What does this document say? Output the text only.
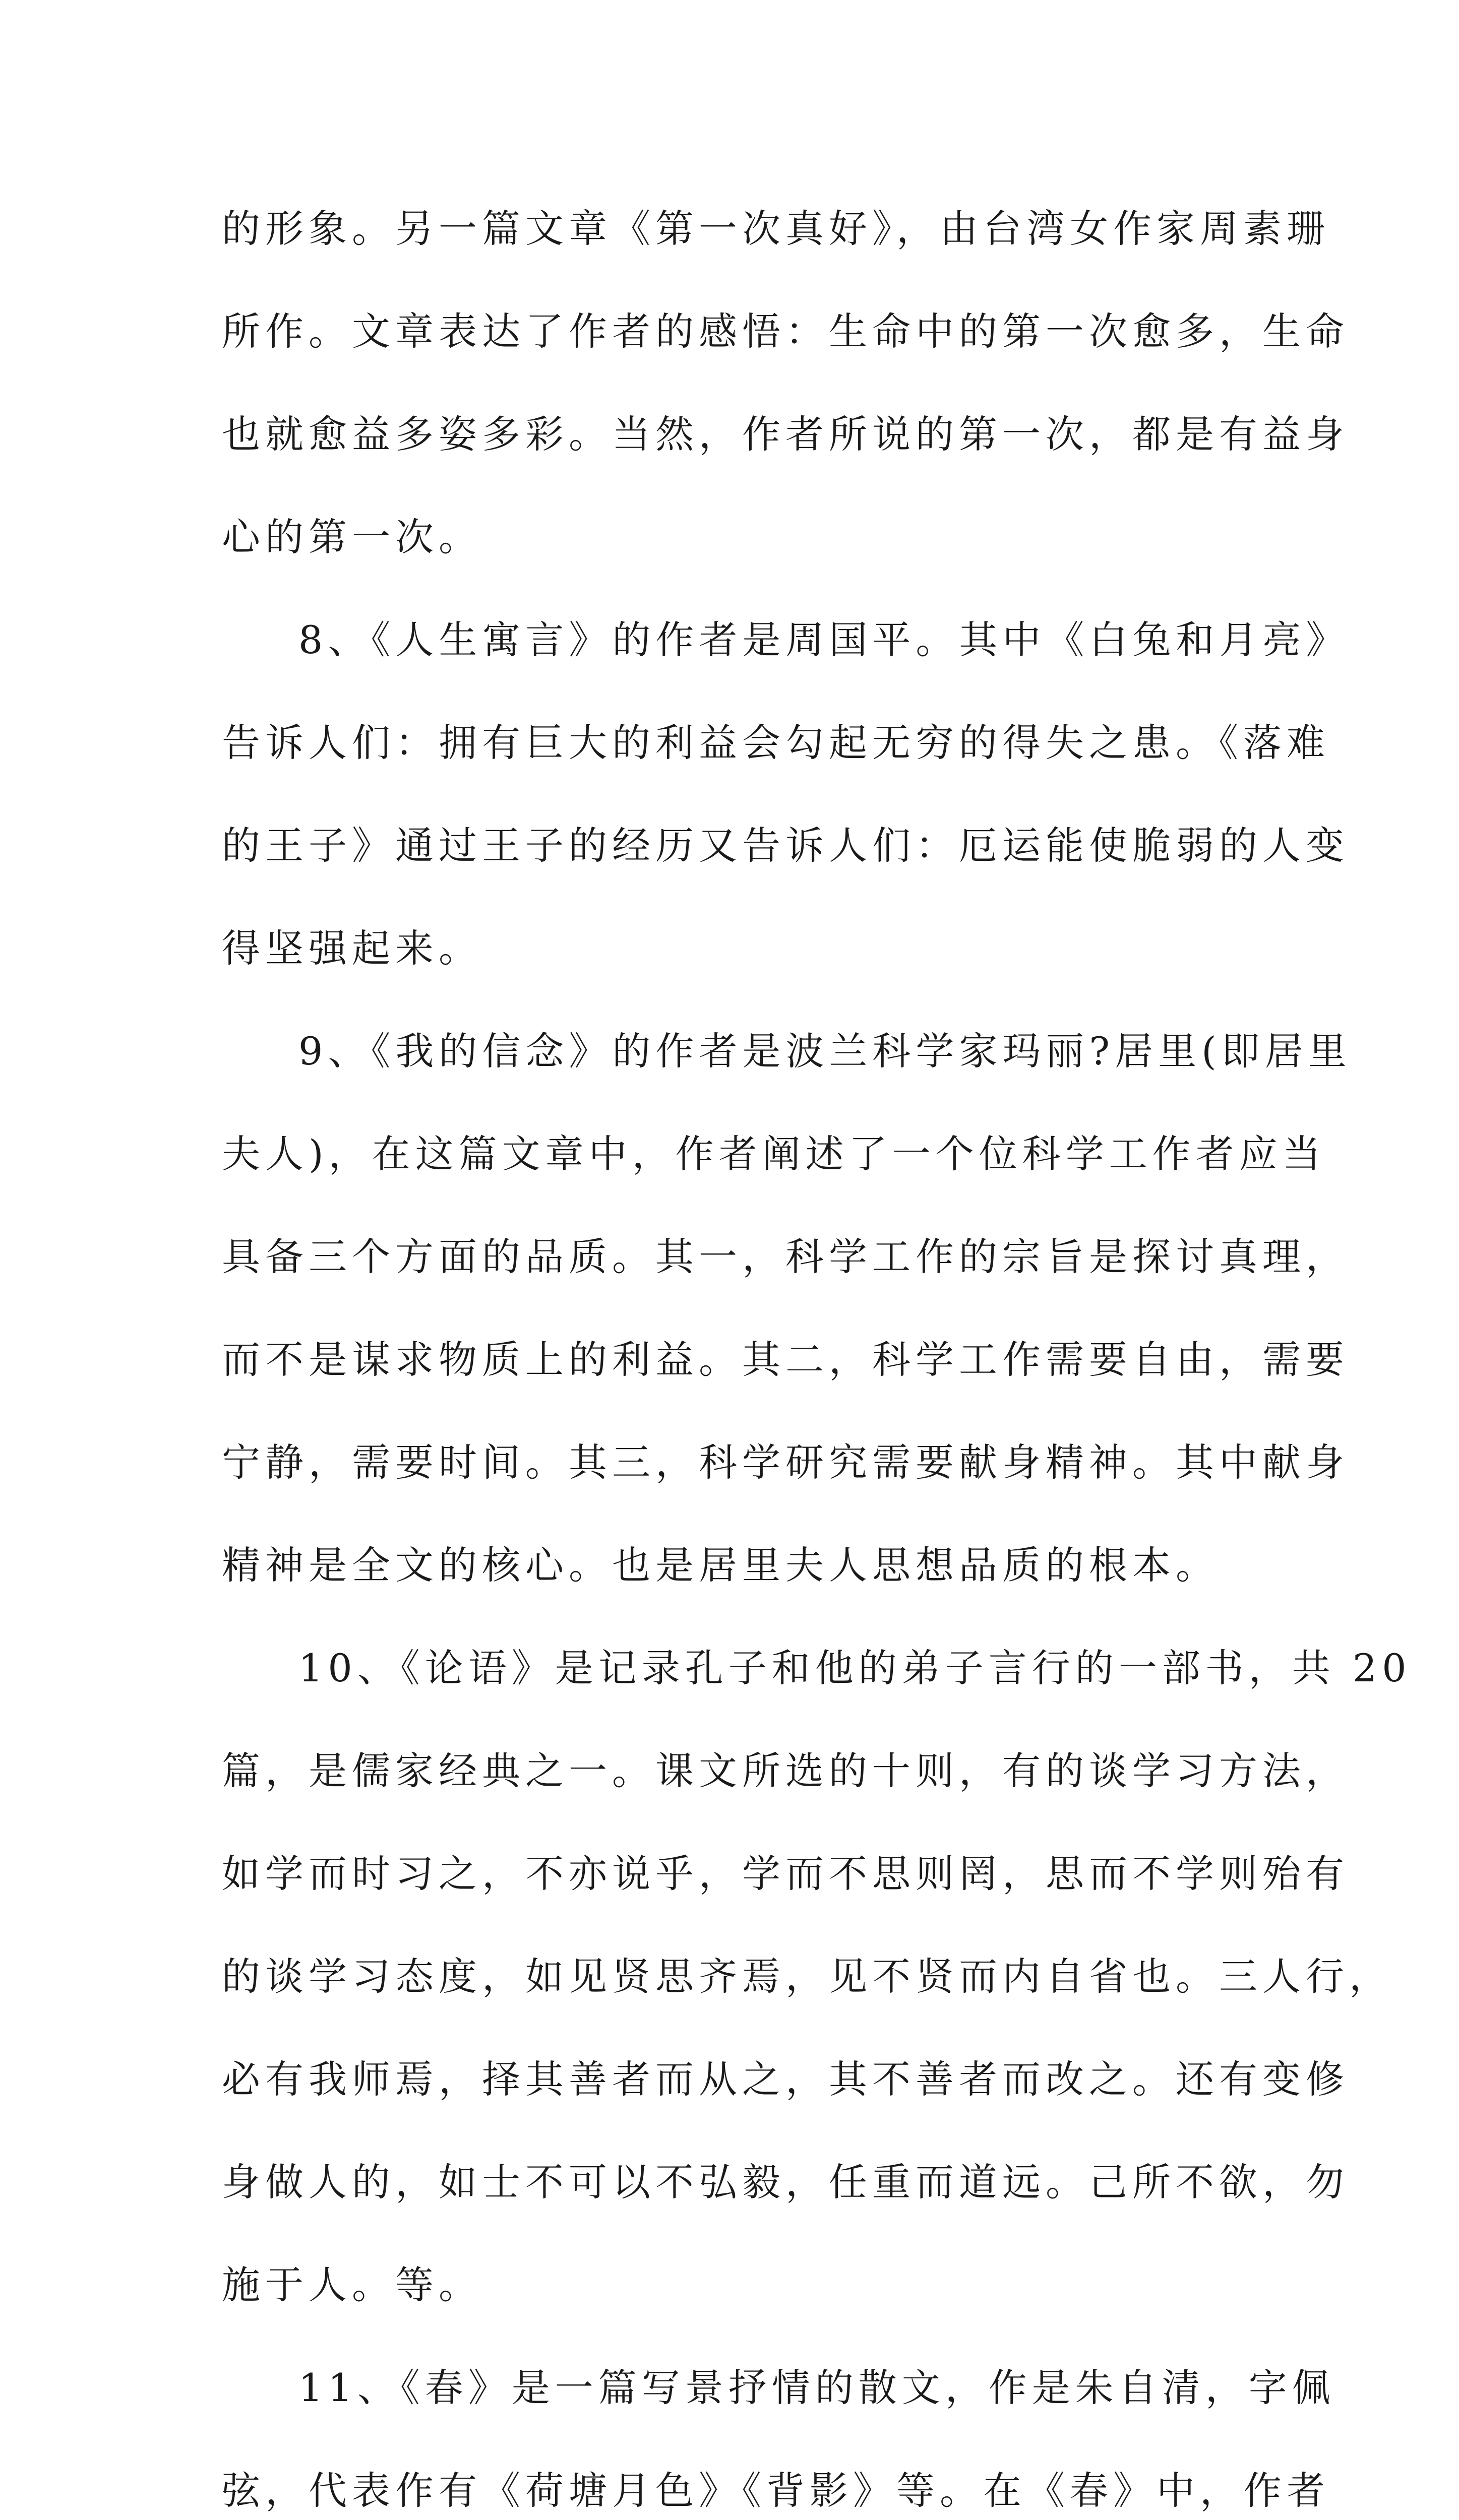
的形象。另一篇文章《第一次真好》，由台湾女作家周素珊
所作。文章表达了作者的感悟：生命中的第一次愈多，生命
也就愈益多姿多彩。当然，作者所说的第一次，都是有益身
心的第一次。
8、《人生寓言》的作者是周国平。其中《白兔和月亮》
告诉人们：拥有巨大的利益会勾起无穷的得失之患。《落难
的王子》通过王子的经历又告诉人们：厄运能使脆弱的人变
得坚强起来。
9、《我的信念》的作者是波兰科学家玛丽?居里(即居里
夫人)，在这篇文章中，作者阐述了一个位科学工作者应当
具备三个方面的品质。其一，科学工作的宗旨是探讨真理，
而不是谋求物质上的利益。其二，科学工作需要自由，需要
宁静，需要时间。其三，科学研究需要献身精神。其中献身
精神是全文的核心。也是居里夫人思想品质的根本。
10、《论语》是记录孔子和他的弟子言行的一部书，共 20
篇，是儒家经典之一。课文所选的十则，有的谈学习方法，
如学而时习之，不亦说乎，学而不思则罔，思而不学则殆有
的谈学习态度，如见贤思齐焉，见不贤而内自省也。三人行，
必有我师焉，择其善者而从之，其不善者而改之。还有变修
身做人的，如士不可以不弘毅，任重而道远。己所不欲，勿
施于人。等。
11、《春》是一篇写景抒情的散文，作是朱自清，字佩
弦，代表作有《荷塘月色》《背影》等。在《春》中，作者
